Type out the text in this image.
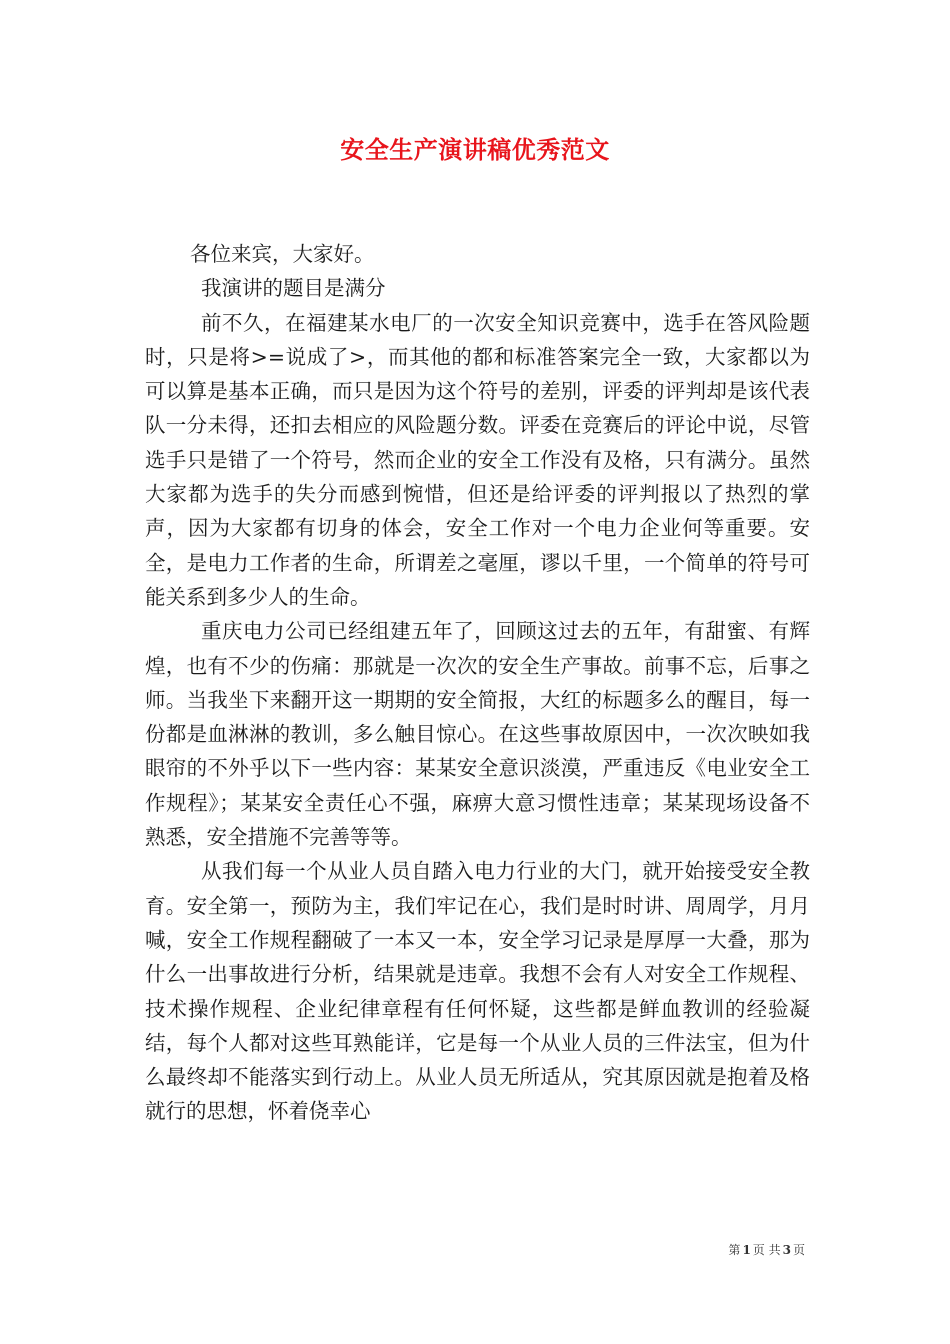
安全生产演讲稿优秀范文

各位来宾，大家好。

我演讲的题目是满分

前不久，在福建某水电厂的一次安全知识竞赛中，选手在答风险题时，只是将>=说成了>，而其他的都和标准答案完全一致，大家都以为可以算是基本正确，而只是因为这个符号的差别，评委的评判却是该代表队一分未得，还扣去相应的风险题分数。评委在竞赛后的评论中说，尽管选手只是错了一个符号，然而企业的安全工作没有及格，只有满分。虽然大家都为选手的失分而感到惋惜，但还是给评委的评判报以了热烈的掌声，因为大家都有切身的体会，安全工作对一个电力企业何等重要。安全，是电力工作者的生命，所谓差之毫厘，谬以千里，一个简单的符号可能关系到多少人的生命。

重庆电力公司已经组建五年了，回顾这过去的五年，有甜蜜、有辉煌，也有不少的伤痛：那就是一次次的安全生产事故。前事不忘，后事之师。当我坐下来翻开这一期期的安全简报，大红的标题多么的醒目，每一份都是血淋淋的教训，多么触目惊心。在这些事故原因中，一次次映如我眼帘的不外乎以下一些内容：某某安全意识淡漠，严重违反《电业安全工作规程》；某某安全责任心不强，麻痹大意习惯性违章；某某现场设备不熟悉，安全措施不完善等等。

从我们每一个从业人员自踏入电力行业的大门，就开始接受安全教育。安全第一，预防为主，我们牢记在心，我们是时时讲、周周学，月月喊，安全工作规程翻破了一本又一本，安全学习记录是厚厚一大叠，那为什么一出事故进行分析，结果就是违章。我想不会有人对安全工作规程、技术操作规程、企业纪律章程有任何怀疑，这些都是鲜血教训的经验凝结，每个人都对这些耳熟能详，它是每一个从业人员的三件法宝，但为什么最终却不能落实到行动上。从业人员无所适从，究其原因就是抱着及格就行的思想，怀着侥幸心

第 1 页 共 3 页
